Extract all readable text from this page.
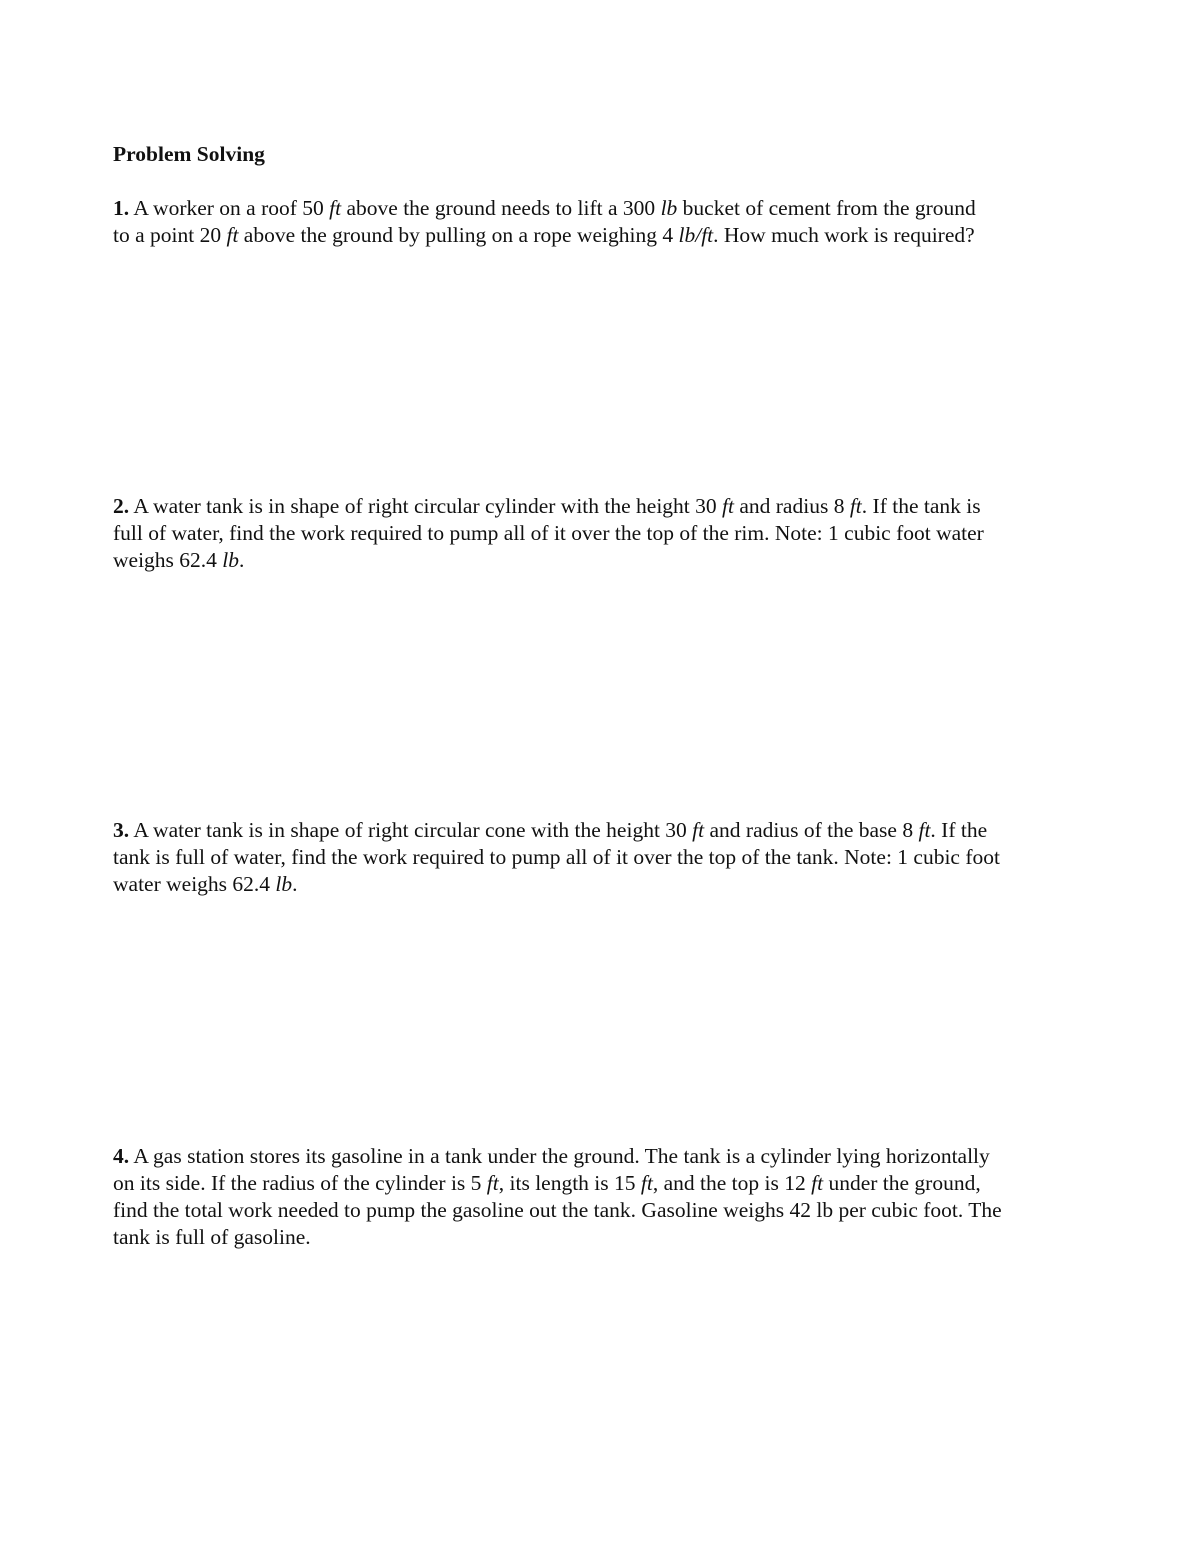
Problem Solving
1. A worker on a roof 50 ft above the ground needs to lift a 300 lb bucket of cement from the ground
to a point 20 ft above the ground by pulling on a rope weighing 4 lb/ft. How much work is required?
2. A water tank is in shape of right circular cylinder with the height 30 ft and radius 8 ft. If the tank is
full of water, find the work required to pump all of it over the top of the rim. Note: 1 cubic foot water
weighs 62.4 lb.
3. A water tank is in shape of right circular cone with the height 30 ft and radius of the base 8 ft. If the
tank is full of water, find the work required to pump all of it over the top of the tank. Note: 1 cubic foot
water weighs 62.4 lb.
4. A gas station stores its gasoline in a tank under the ground. The tank is a cylinder lying horizontally
on its side. If the radius of the cylinder is 5 ft, its length is 15 ft, and the top is 12 ft under the ground,
find the total work needed to pump the gasoline out the tank. Gasoline weighs 42 lb per cubic foot. The
tank is full of gasoline.
